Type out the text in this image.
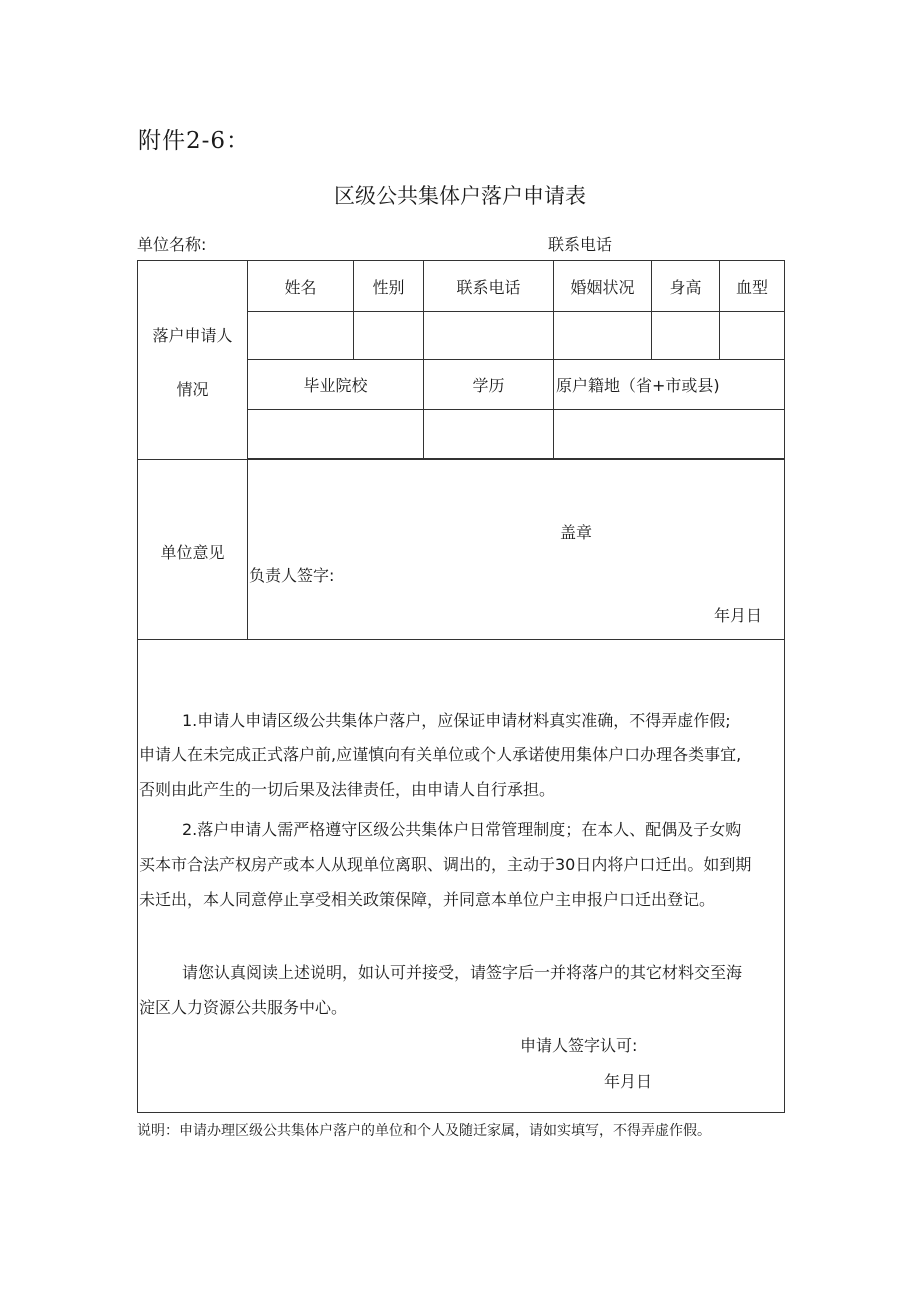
附件2-6：
区级公共集体户落户申请表
单位名称:	联系电话
落户申请人
情况
姓名	性别	联系电话	婚姻状况	身高	血型
毕业院校	学历	原户籍地（省+市或县)
单位意见
盖章
负责人签字:
年月日
1.申请人申请区级公共集体户落户，应保证申请材料真实准确，不得弄虚作假;
申请人在未完成正式落户前,应谨慎向有关单位或个人承诺使用集体户口办理各类事宜,
否则由此产生的一切后果及法律责任，由申请人自行承担。
2.落户申请人需严格遵守区级公共集体户日常管理制度；在本人、配偶及子女购
买本市合法产权房产或本人从现单位离职、调出的，主动于30日内将户口迁出。如到期
未迁出，本人同意停止享受相关政策保障，并同意本单位户主申报户口迁出登记。
请您认真阅读上述说明，如认可并接受，请签字后一并将落户的其它材料交至海
淀区人力资源公共服务中心。
申请人签字认可:
年月日
说明：申请办理区级公共集体户落户的单位和个人及随迁家属，请如实填写，不得弄虚作假。
